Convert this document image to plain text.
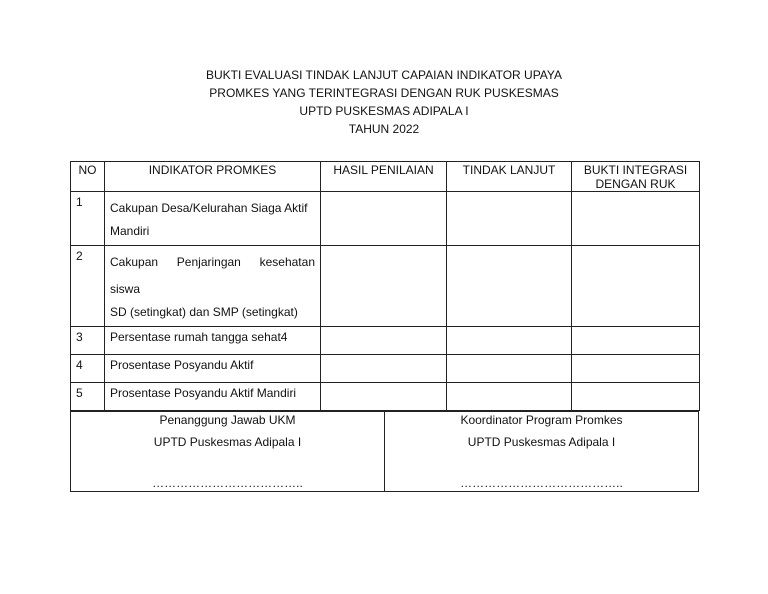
BUKTI EVALUASI TINDAK LANJUT CAPAIAN INDIKATOR UPAYA
PROMKES YANG TERINTEGRASI DENGAN RUK PUSKESMAS
UPTD PUSKESMAS ADIPALA I
TAHUN 2022
NO	INDIKATOR PROMKES	HASIL PENILAIAN	TINDAK LANJUT	BUKTI INTEGRASI
DENGAN RUK
1	Cakupan Desa/Kelurahan Siaga Aktif
Mandiri			

2	Cakupan Penjaringan kesehatan siswa
SD (setingkat) dan SMP (setingkat)			

3	Persentase rumah tangga sehat4			

4	Prosentase Posyandu Aktif			

5	Prosentase Posyandu Aktif Mandiri			

Penanggung Jawab UKM
UPTD Puskesmas Adipala I
………………………………..

Koordinator Program Promkes
UPTD Puskesmas Adipala I
…………………………………..
